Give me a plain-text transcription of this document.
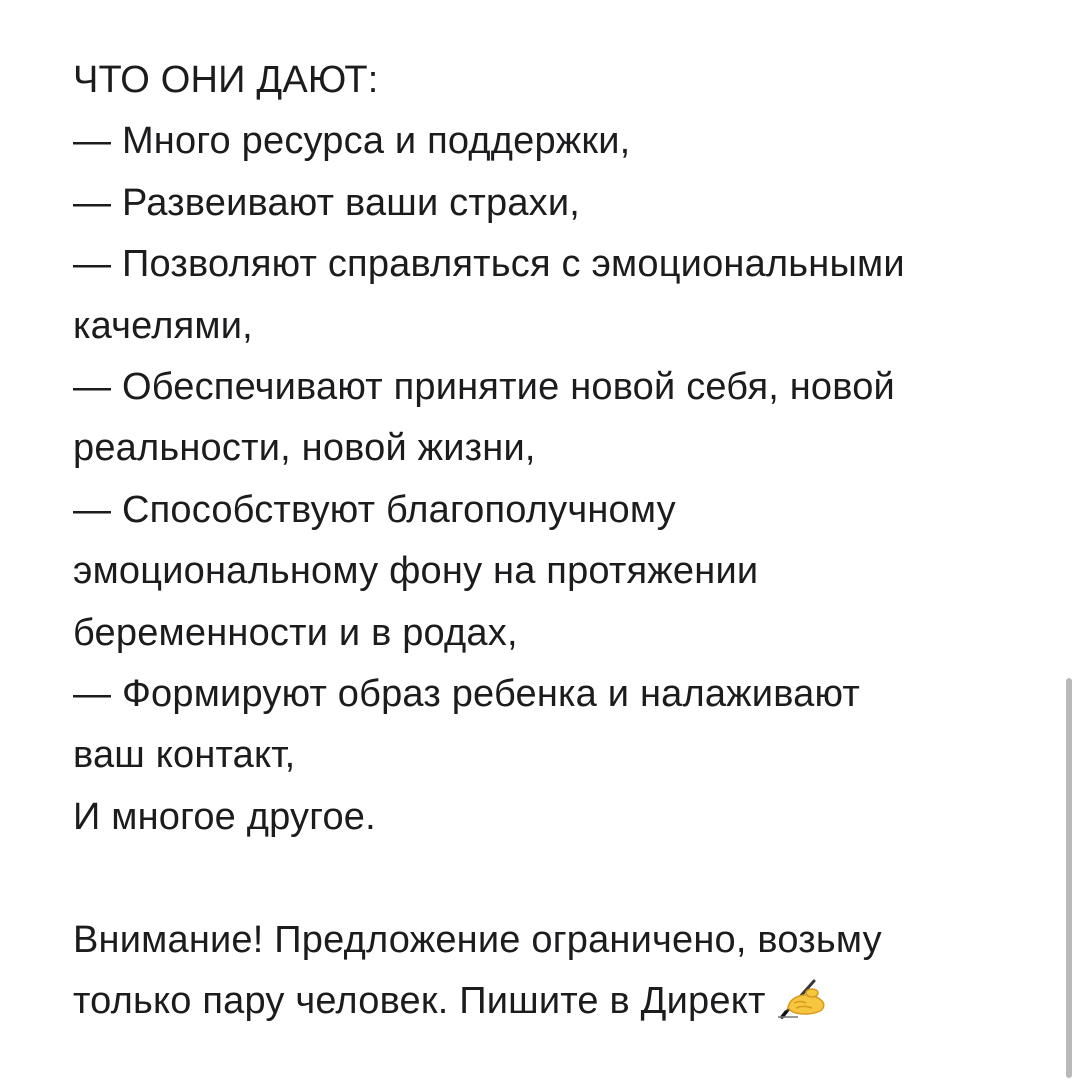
ЧТО ОНИ ДАЮТ:
— Много ресурса и поддержки,
— Развеивают ваши страхи,
— Позволяют справляться с эмоциональными
качелями,
— Обеспечивают принятие новой себя, новой
реальности, новой жизни,
— Способствуют благополучному
эмоциональному фону на протяжении
беременности и в родах,
— Формируют образ ребенка и налаживают
ваш контакт,
И многое другое.
Внимание! Предложение ограничено, возьму
только пару человек. Пишите в Директ
